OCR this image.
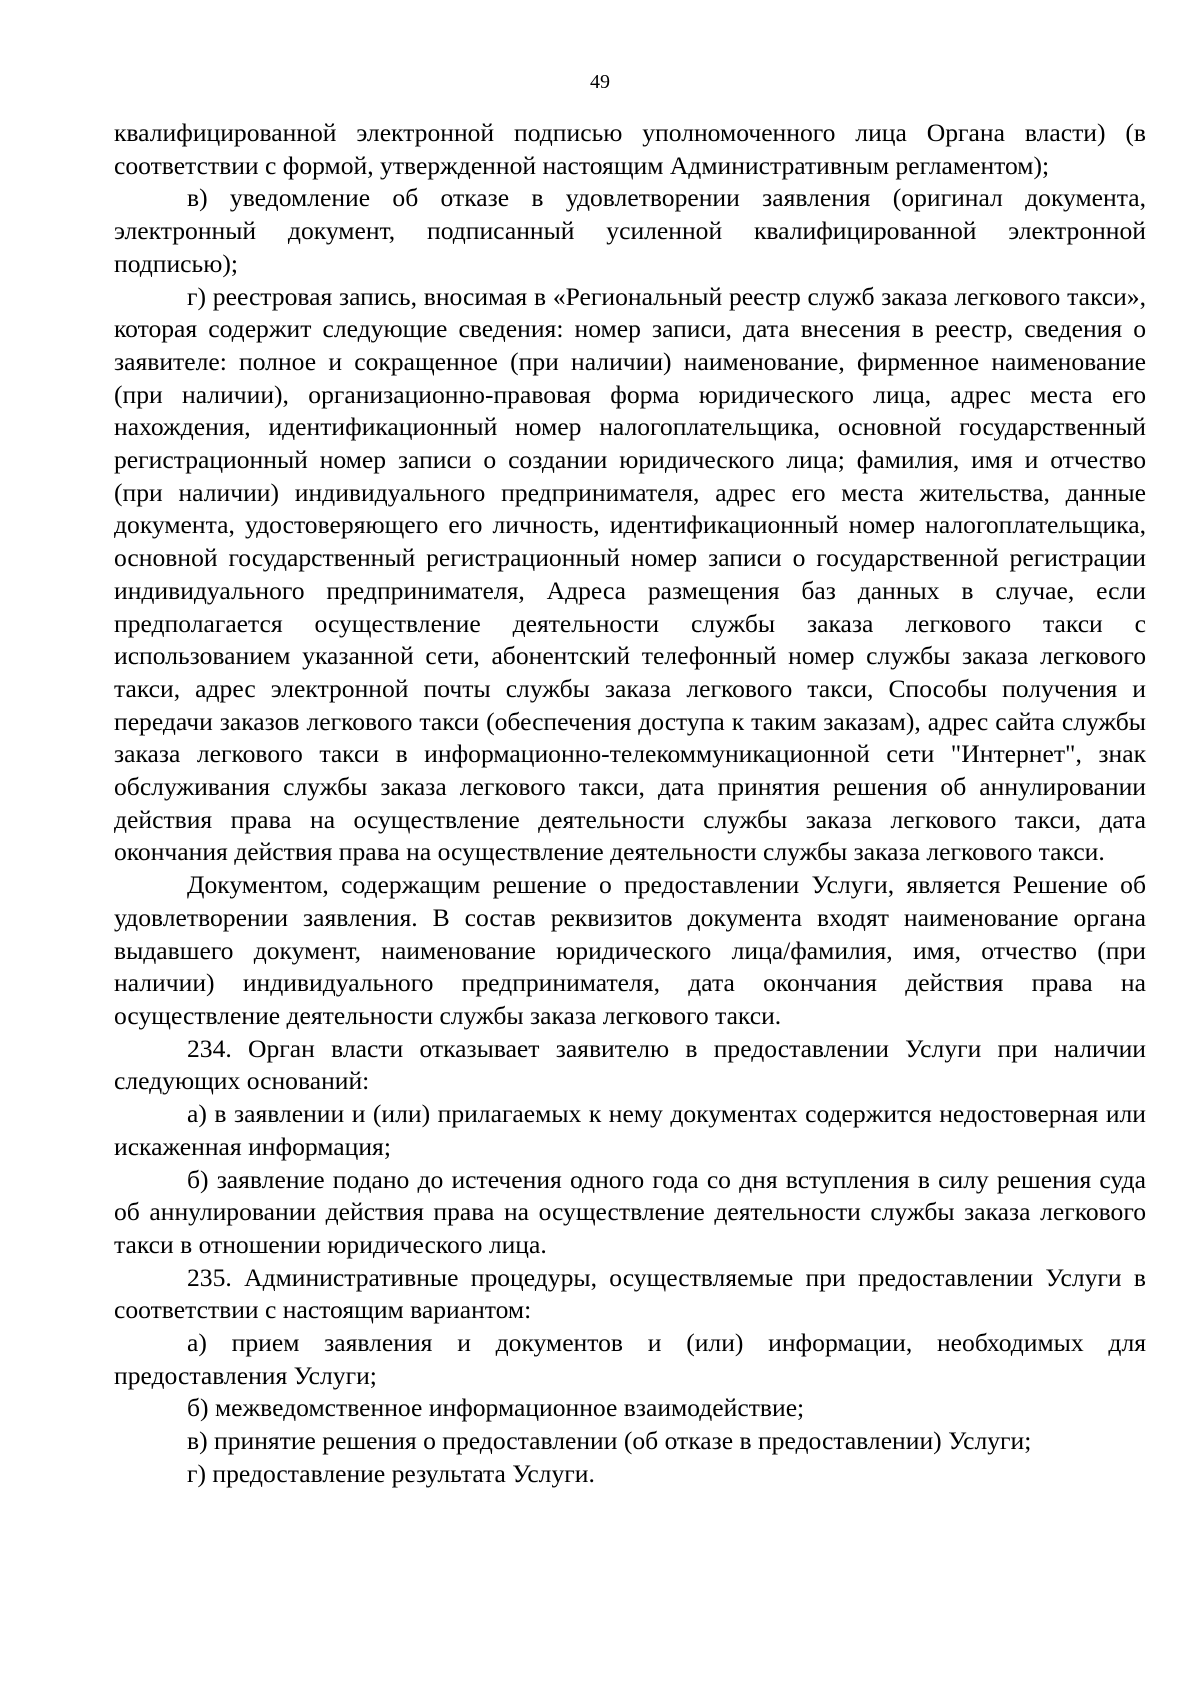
49

квалифицированной электронной подписью уполномоченного лица Органа власти) (в соответствии с формой, утвержденной настоящим Административным регламентом);

в) уведомление об отказе в удовлетворении заявления (оригинал документа, электронный документ, подписанный усиленной квалифицированной электронной подписью);

г) реестровая запись, вносимая в «Региональный реестр служб заказа легкового такси», которая содержит следующие сведения: номер записи, дата внесения в реестр, сведения о заявителе: полное и сокращенное (при наличии) наименование, фирменное наименование (при наличии), организационно-правовая форма юридического лица, адрес места его нахождения, идентификационный номер налогоплательщика, основной государственный регистрационный номер записи о создании юридического лица; фамилия, имя и отчество (при наличии) индивидуального предпринимателя, адрес его места жительства, данные документа, удостоверяющего его личность, идентификационный номер налогоплательщика, основной государственный регистрационный номер записи о государственной регистрации индивидуального предпринимателя, Адреса размещения баз данных в случае, если предполагается осуществление деятельности службы заказа легкового такси с использованием указанной сети, абонентский телефонный номер службы заказа легкового такси, адрес электронной почты службы заказа легкового такси, Способы получения и передачи заказов легкового такси (обеспечения доступа к таким заказам), адрес сайта службы заказа легкового такси в информационно-телекоммуникационной сети "Интернет", знак обслуживания службы заказа легкового такси, дата принятия решения об аннулировании действия права на осуществление деятельности службы заказа легкового такси, дата окончания действия права на осуществление деятельности службы заказа легкового такси.

Документом, содержащим решение о предоставлении Услуги, является Решение об удовлетворении заявления. В состав реквизитов документа входят наименование органа выдавшего документ, наименование юридического лица/фамилия, имя, отчество (при наличии) индивидуального предпринимателя, дата окончания действия права на осуществление деятельности службы заказа легкового такси.

234. Орган власти отказывает заявителю в предоставлении Услуги при наличии следующих оснований:

а) в заявлении и (или) прилагаемых к нему документах содержится недостоверная или искаженная информация;

б) заявление подано до истечения одного года со дня вступления в силу решения суда об аннулировании действия права на осуществление деятельности службы заказа легкового такси в отношении юридического лица.

235. Административные процедуры, осуществляемые при предоставлении Услуги в соответствии с настоящим вариантом:

а) прием заявления и документов и (или) информации, необходимых для предоставления Услуги;

б) межведомственное информационное взаимодействие;

в) принятие решения о предоставлении (об отказе в предоставлении) Услуги;

г) предоставление результата Услуги.
